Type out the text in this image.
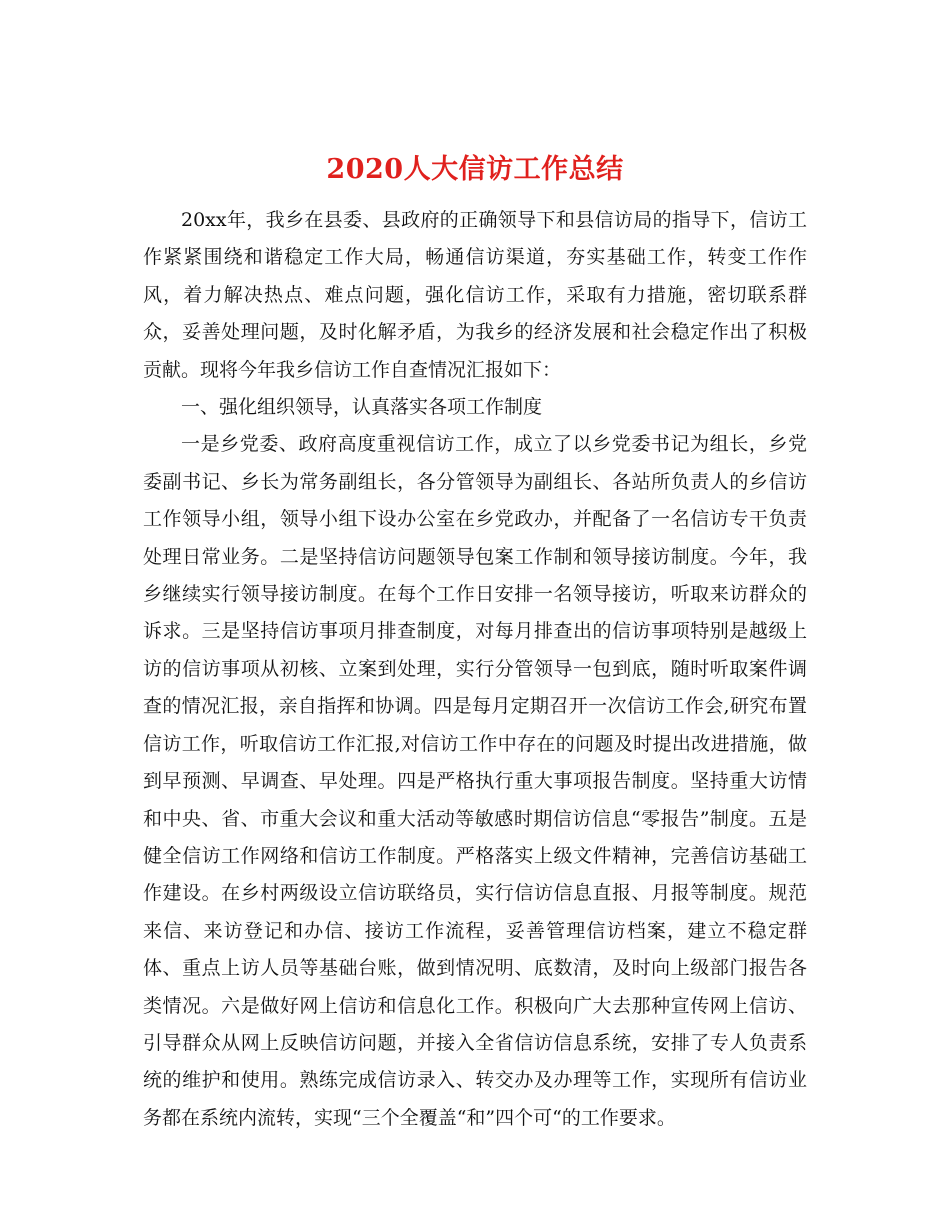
2020人大信访工作总结

20xx年，我乡在县委、县政府的正确领导下和县信访局的指导下，信访工作紧紧围绕和谐稳定工作大局，畅通信访渠道，夯实基础工作，转变工作作风，着力解决热点、难点问题，强化信访工作，采取有力措施，密切联系群众，妥善处理问题，及时化解矛盾，为我乡的经济发展和社会稳定作出了积极贡献。现将今年我乡信访工作自查情况汇报如下：

一、强化组织领导，认真落实各项工作制度

一是乡党委、政府高度重视信访工作，成立了以乡党委书记为组长，乡党委副书记、乡长为常务副组长，各分管领导为副组长、各站所负责人的乡信访工作领导小组，领导小组下设办公室在乡党政办，并配备了一名信访专干负责处理日常业务。二是坚持信访问题领导包案工作制和领导接访制度。今年，我乡继续实行领导接访制度。在每个工作日安排一名领导接访，听取来访群众的诉求。三是坚持信访事项月排查制度，对每月排查出的信访事项特别是越级上访的信访事项从初核、立案到处理，实行分管领导一包到底，随时听取案件调查的情况汇报，亲自指挥和协调。四是每月定期召开一次信访工作会,研究布置信访工作，听取信访工作汇报,对信访工作中存在的问题及时提出改进措施，做到早预测、早调查、早处理。四是严格执行重大事项报告制度。坚持重大访情和中央、省、市重大会议和重大活动等敏感时期信访信息“零报告”制度。五是健全信访工作网络和信访工作制度。严格落实上级文件精神，完善信访基础工作建设。在乡村两级设立信访联络员，实行信访信息直报、月报等制度。规范来信、来访登记和办信、接访工作流程，妥善管理信访档案，建立不稳定群体、重点上访人员等基础台账，做到情况明、底数清，及时向上级部门报告各类情况。六是做好网上信访和信息化工作。积极向广大去那种宣传网上信访、引导群众从网上反映信访问题，并接入全省信访信息系统，安排了专人负责系统的维护和使用。熟练完成信访录入、转交办及办理等工作，实现所有信访业务都在系统内流转，实现“三个全覆盖“和”四个可“的工作要求。
